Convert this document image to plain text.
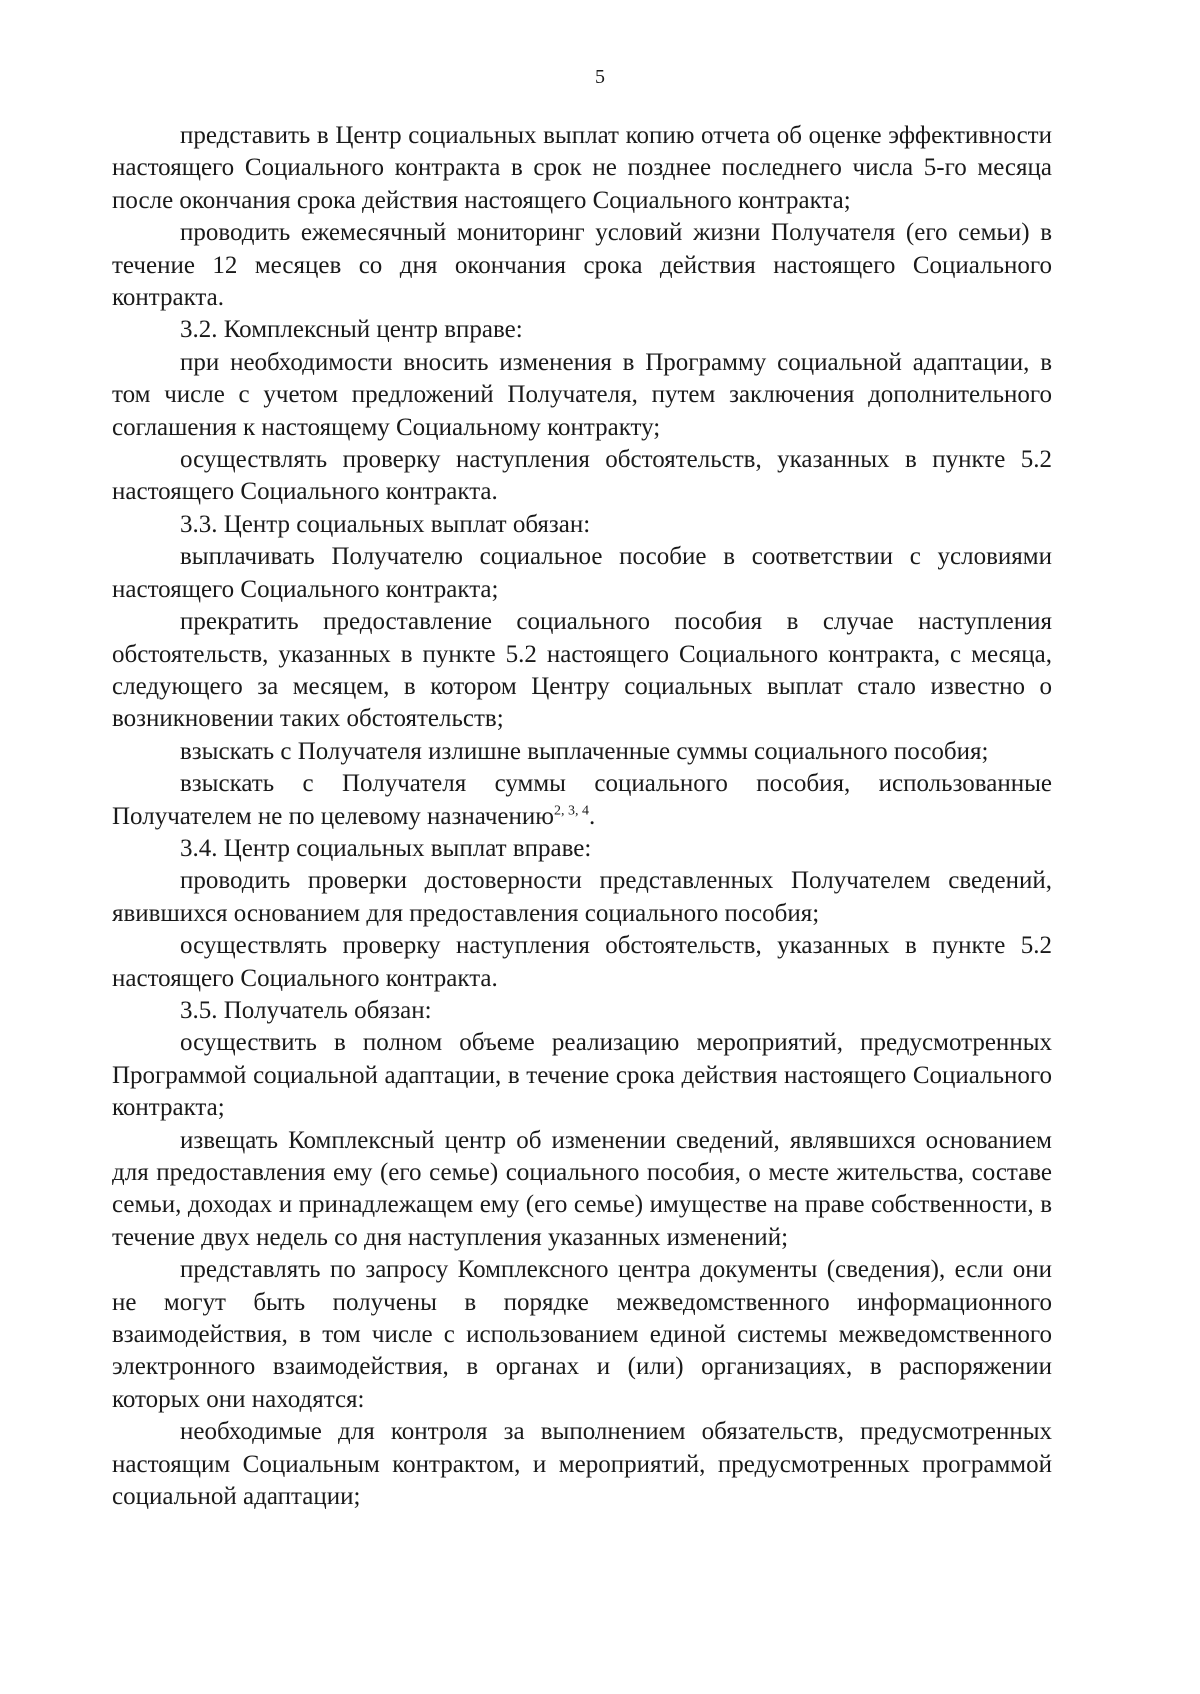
5

представить в Центр социальных выплат копию отчета об оценке эффективности настоящего Социального контракта в срок не позднее последнего числа 5-го месяца после окончания срока действия настоящего Социального контракта;

проводить ежемесячный мониторинг условий жизни Получателя (его семьи) в течение 12 месяцев со дня окончания срока действия настоящего Социального контракта.

3.2. Комплексный центр вправе:

при необходимости вносить изменения в Программу социальной адаптации, в том числе с учетом предложений Получателя, путем заключения дополнительного соглашения к настоящему Социальному контракту;

осуществлять проверку наступления обстоятельств, указанных в пункте 5.2 настоящего Социального контракта.

3.3. Центр социальных выплат обязан:

выплачивать Получателю социальное пособие в соответствии с условиями настоящего Социального контракта;

прекратить предоставление социального пособия в случае наступления обстоятельств, указанных в пункте 5.2 настоящего Социального контракта, с месяца, следующего за месяцем, в котором Центру социальных выплат стало известно о возникновении таких обстоятельств;

взыскать с Получателя излишне выплаченные суммы социального пособия;

взыскать с Получателя суммы социального пособия, использованные Получателем не по целевому назначению$^{2, 3, 4}$.

3.4. Центр социальных выплат вправе:

проводить проверки достоверности представленных Получателем сведений, явившихся основанием для предоставления социального пособия;

осуществлять проверку наступления обстоятельств, указанных в пункте 5.2 настоящего Социального контракта.

3.5. Получатель обязан:

осуществить в полном объеме реализацию мероприятий, предусмотренных Программой социальной адаптации, в течение срока действия настоящего Социального контракта;

извещать Комплексный центр об изменении сведений, являвшихся основанием для предоставления ему (его семье) социального пособия, о месте жительства, составе семьи, доходах и принадлежащем ему (его семье) имуществе на праве собственности, в течение двух недель со дня наступления указанных изменений;

представлять по запросу Комплексного центра документы (сведения), если они не могут быть получены в порядке межведомственного информационного взаимодействия, в том числе с использованием единой системы межведомственного электронного взаимодействия, в органах и (или) организациях, в распоряжении которых они находятся:

необходимые для контроля за выполнением обязательств, предусмотренных настоящим Социальным контрактом, и мероприятий, предусмотренных программой социальной адаптации;
